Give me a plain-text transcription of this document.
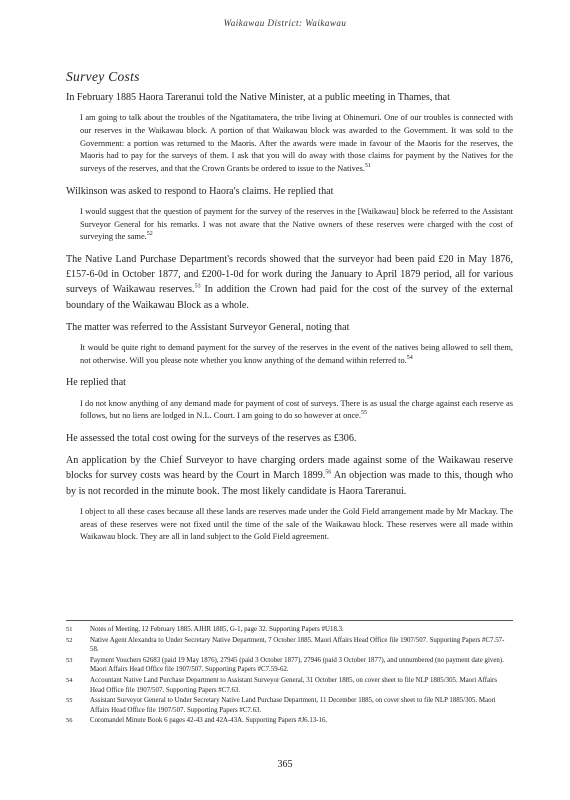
Waikawau District: Waikawau
Survey Costs

In February 1885 Haora Tareranui told the Native Minister, at a public meeting in Thames, that

I am going to talk about the troubles of the Ngatitamatera, the tribe living at Ohinemuri. One of our troubles is connected with our reserves in the Waikawau block. A portion of that Waikawau block was awarded to the Government. It was sold to the Government: a portion was returned to the Maoris. After the awards were made in favour of the Maoris for the reserves, the Maoris had to pay for the surveys of them. I ask that you will do away with those claims for payment by the Natives for the surveys of the reserves, and that the Crown Grants be ordered to issue to the Natives.$^{51}$

Wilkinson was asked to respond to Haora's claims. He replied that

I would suggest that the question of payment for the survey of the reserves in the [Waikawau] block be referred to the Assistant Surveyor General for his remarks. I was not aware that the Native owners of these reserves were charged with the cost of surveying the same.$^{52}$

The Native Land Purchase Department's records showed that the surveyor had been paid £20 in May 1876, £157-6-0d in October 1877, and £200-1-0d for work during the January to April 1879 period, all for various surveys of Waikawau reserves.$^{53}$ In addition the Crown had paid for the cost of the survey of the external boundary of the Waikawau Block as a whole.

The matter was referred to the Assistant Surveyor General, noting that

It would be quite right to demand payment for the survey of the reserves in the event of the natives being allowed to sell them, not otherwise. Will you please note whether you know anything of the demand within referred to.$^{54}$

He replied that

I do not know anything of any demand made for payment of cost of surveys. There is as usual the charge against each reserve as follows, but no liens are lodged in N.L. Court. I am going to do so however at once.$^{55}$

He assessed the total cost owing for the surveys of the reserves as £306.

An application by the Chief Surveyor to have charging orders made against some of the Waikawau reserve blocks for survey costs was heard by the Court in March 1899.56 An objection was made to this, though who by is not recorded in the minute book. The most likely candidate is Haora Tareranui.

I object to all these cases because all these lands are reserves made under the Gold Field arrangement made by Mr Mackay. The areas of these reserves were not fixed until the time of the sale of the Waikawau block. These reserves were all made within Waikawau block. They are all in land subject to the Gold Field agreement.
51	Notes of Meeting, 12 February 1885. AJHR 1885, G-1, page 32. Supporting Papers #U18.3.
52	Native Agent Alexandra to Under Secretary Native Department, 7 October 1885. Maori Affairs Head Office file 1907/507. Supporting Papers #C7.57-58.
53	Payment Vouchers 62683 (paid 19 May 1876), 27945 (paid 3 October 1877), 27946 (paid 3 October 1877), and unnumbered (no payment date given). Maori Affairs Head Office file 1907/507. Supporting Papers #C7.59-62.
54	Accountant Native Land Purchase Department to Assistant Surveyor General, 31 October 1885, on cover sheet to file NLP 1885/305. Maori Affairs Head Office file 1907/507. Supporting Papers #C7.63.
55	Assistant Surveyor General to Under Secretary Native Land Purchase Department, 11 December 1885, on cover sheet to file NLP 1885/305. Maori Affairs Head Office file 1907/507. Supporting Papers #C7.63.
56	Coromandel Minute Book 6 pages 42-43 and 42A-43A. Supporting Papers #J6.13-16.
365
